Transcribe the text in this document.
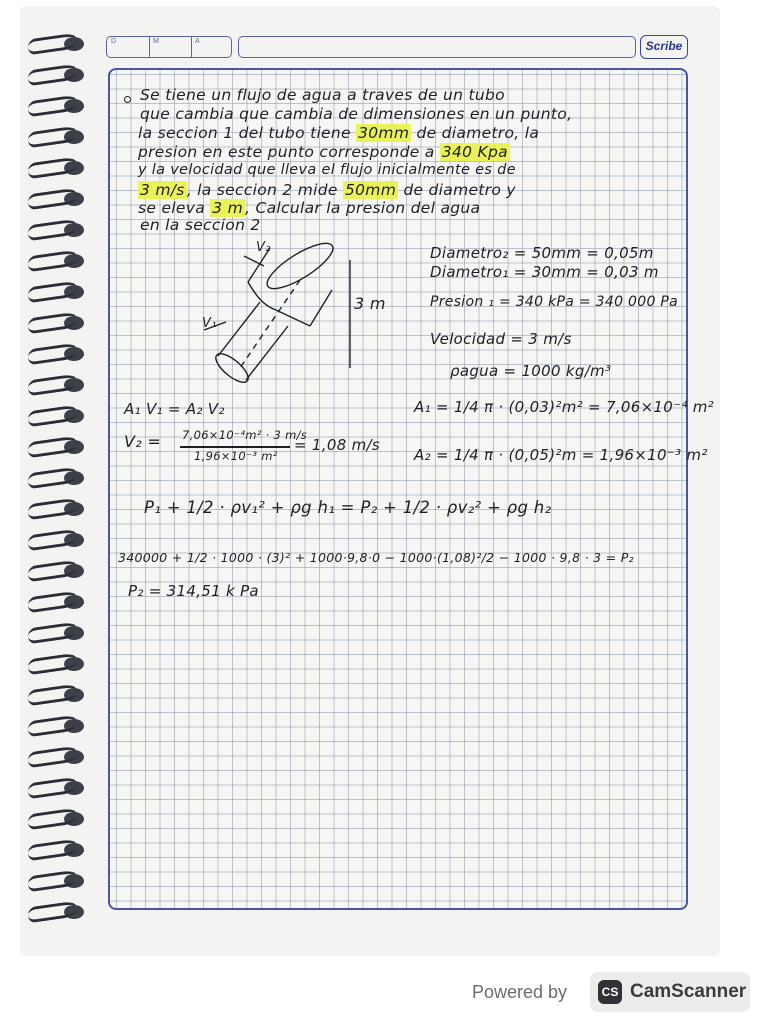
D	M	A	Scribe
Se tiene un flujo de agua a traves de un tubo
que cambia que cambia de dimensiones en un punto,
la seccion 1 del tubo tiene 30mm de diametro, la
presion en este punto corresponde a 340 Kpa
y la velocidad que lleva el flujo inicialmente es de
3 m/s , la seccion 2 mide 50mm de diametro y
se eleva 3 m , Calcular la presion del agua
en la seccion 2
V₂
V₁
3 m
Diametro₂ = 50mm = 0,05m
Diametro₁ = 30mm = 0,03 m
Presion ₁ = 340 kPa = 340 000 Pa
Velocidad = 3 m/s
ρagua = 1000 kg/m³
A₁ V₁ = A₂ V₂	A₁ = 1/4 π · (0,03)²m² = 7,06×10⁻⁴ m²
V₂ = 7,06×10⁻⁴m² · 3 m/s
1,96×10⁻³ m²
= 1,08 m/s
A₂ = 1/4 π · (0,05)²m = 1,96×10⁻³ m²
P₁ + 1/2 · ρv₁² + ρg h₁ = P₂ + 1/2 · ρv₂² + ρg h₂
340000 + 1/2 · 1000 · (3)² + 1000·9,8·0 − 1000·(1,08)²/2 − 1000 · 9,8 · 3 = P₂
P₂ = 314,51 k Pa
Powered by	CS CamScanner
